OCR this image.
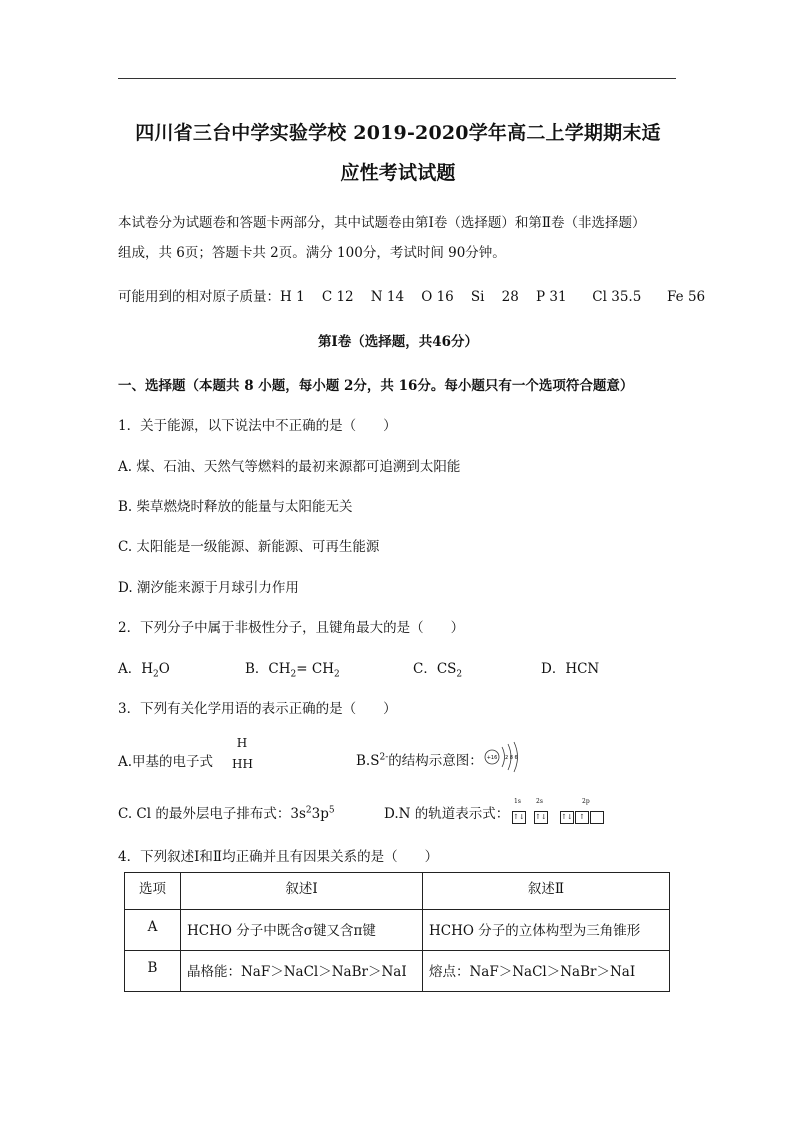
四川省三台中学实验学校 2019-2020学年高二上学期期末适
应性考试试题
本试卷分为试题卷和答题卡两部分，其中试题卷由第Ⅰ卷（选择题）和第Ⅱ卷（非选择题）
组成，共 6页；答题卡共 2页。满分 100分，考试时间 90分钟。
可能用到的相对原子质量：H 1    C 12    N 14    O 16    Si    28    P 31      Cl 35.5      Fe 56
第Ⅰ卷（选择题，共46分）
一、选择题（本题共 8 小题，每小题 2分，共 16分。每小题只有一个选项符合题意）
1．关于能源，以下说法中不正确的是（　　）
A. 煤、石油、天然气等燃料的最初来源都可追溯到太阳能
B. 柴草燃烧时释放的能量与太阳能无关
C. 太阳能是一级能源、新能源、可再生能源
D. 潮汐能来源于月球引力作用
2．下列分子中属于非极性分子，且键角最大的是（　　）
A．$H_2O$	B．$CH_2= CH_2$	C．$CS_2$	D．HCN
3．下列有关化学用语的表示正确的是（　　）
A.甲基的电子式
H
HH	$B.S^{2-}$的结构示意图： +16 2 8 6
C. Cl 的最外层电子排布式：$3s^23p^5$	D.N 的轨道表示式：
1s	2s	2p
↑↓	↑↓	↑↓ ↑
4．下列叙述Ⅰ和Ⅱ均正确并且有因果关系的是（　　）
选项	叙述Ⅰ	叙述Ⅱ
A	HCHO 分子中既含σ键又含π键	HCHO 分子的立体构型为三角锥形
B	晶格能：NaF＞NaCl＞NaBr＞NaI	熔点：NaF＞NaCl＞NaBr＞NaI
